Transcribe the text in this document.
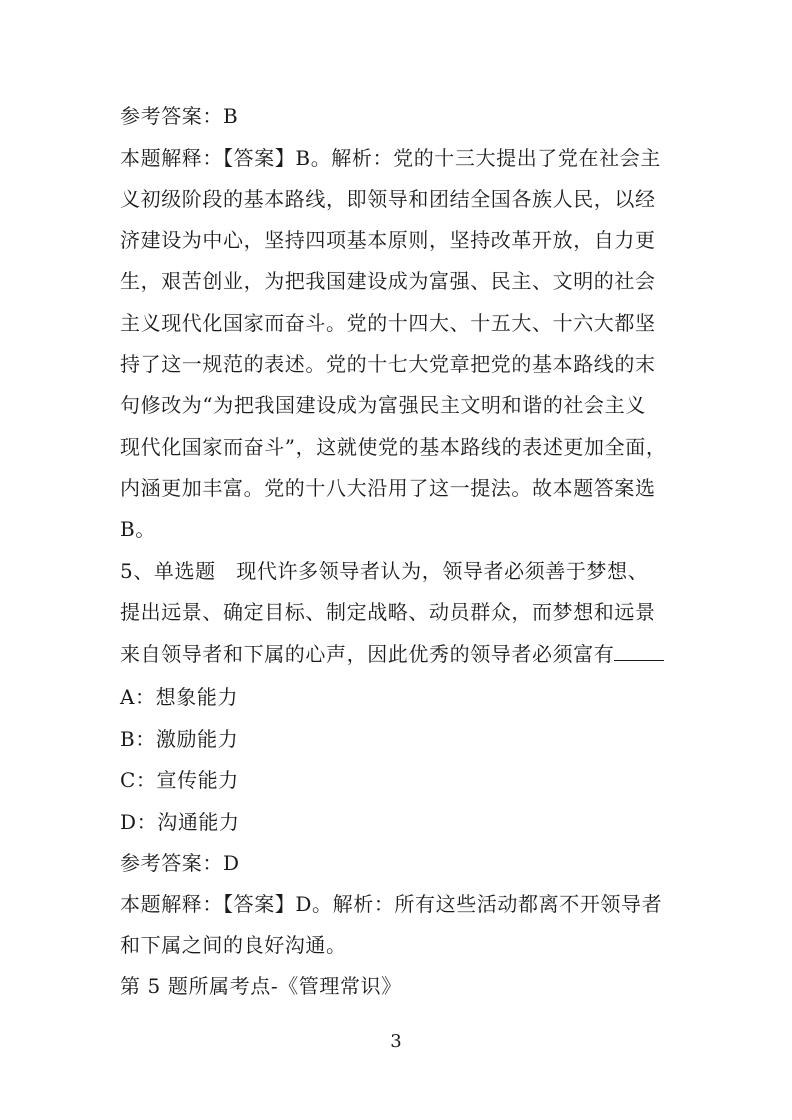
参考答案：B
本题解释：【答案】B。解析：党的十三大提出了党在社会主
义初级阶段的基本路线，即领导和团结全国各族人民，以经
济建设为中心，坚持四项基本原则，坚持改革开放，自力更
生，艰苦创业，为把我国建设成为富强、民主、文明的社会
主义现代化国家而奋斗。党的十四大、十五大、十六大都坚
持了这一规范的表述。党的十七大党章把党的基本路线的末
句修改为“为把我国建设成为富强民主文明和谐的社会主义
现代化国家而奋斗”，这就使党的基本路线的表述更加全面，
内涵更加丰富。党的十八大沿用了这一提法。故本题答案选
B。
5、单选题　现代许多领导者认为，领导者必须善于梦想、
提出远景、确定目标、制定战略、动员群众，而梦想和远景
来自领导者和下属的心声，因此优秀的领导者必须富有
A：想象能力
B：激励能力
C：宣传能力
D：沟通能力
参考答案：D
本题解释：【答案】D。解析：所有这些活动都离不开领导者
和下属之间的良好沟通。
第 5 题所属考点-《管理常识》
3
